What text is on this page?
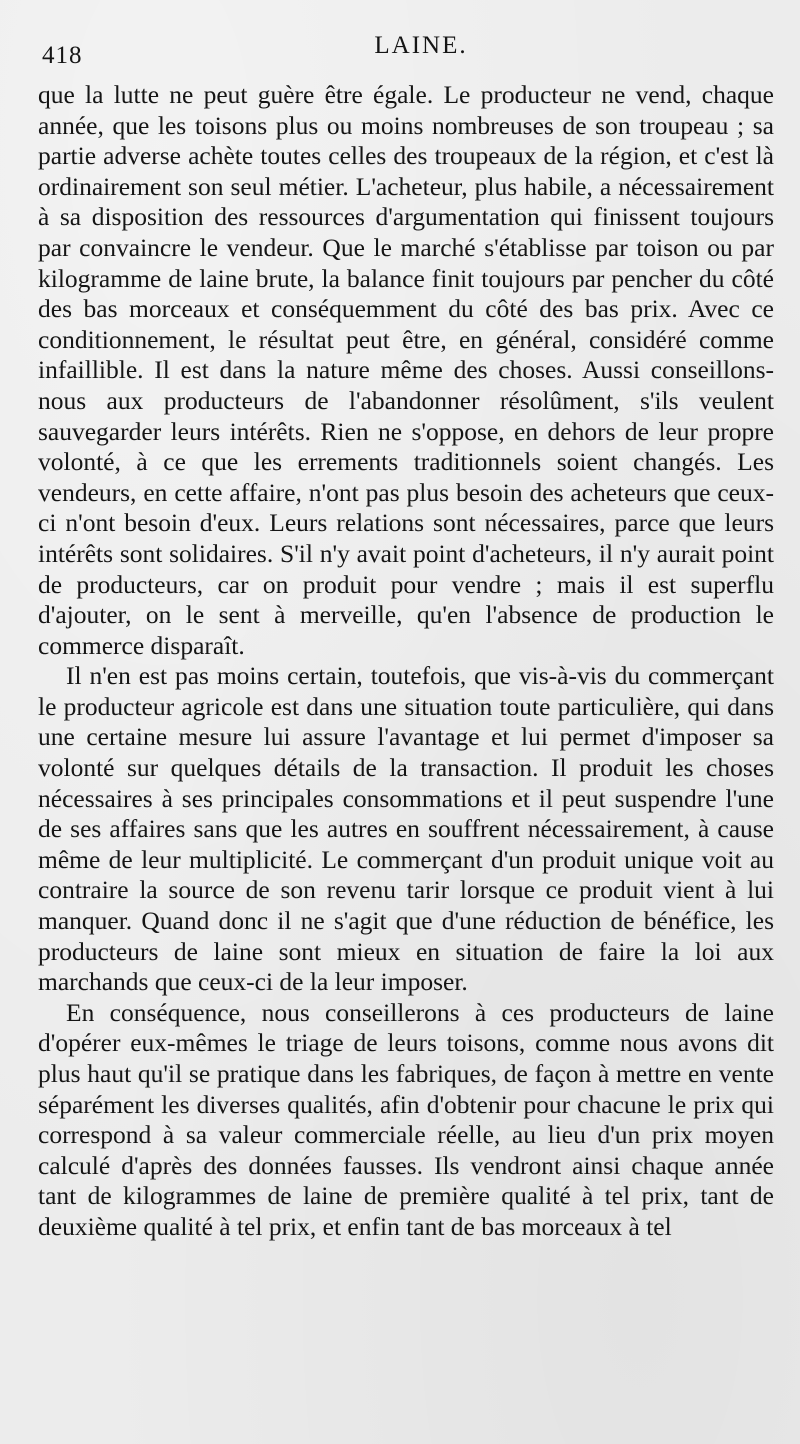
418	LAINE.

que la lutte ne peut guère être égale. Le producteur ne vend, chaque année, que les toisons plus ou moins nombreuses de son troupeau ; sa partie adverse achète toutes celles des troupeaux de la région, et c'est là ordinairement son seul métier. L'acheteur, plus habile, a nécessairement à sa disposition des ressources d'argumentation qui finissent toujours par convaincre le vendeur. Que le marché s'établisse par toison ou par kilogramme de laine brute, la balance finit toujours par pencher du côté des bas morceaux et conséquemment du côté des bas prix. Avec ce conditionnement, le résultat peut être, en général, considéré comme infaillible. Il est dans la nature même des choses. Aussi conseillons-nous aux producteurs de l'abandonner résolûment, s'ils veulent sauvegarder leurs intérêts. Rien ne s'oppose, en dehors de leur propre volonté, à ce que les errements traditionnels soient changés. Les vendeurs, en cette affaire, n'ont pas plus besoin des acheteurs que ceux-ci n'ont besoin d'eux. Leurs relations sont nécessaires, parce que leurs intérêts sont solidaires. S'il n'y avait point d'acheteurs, il n'y aurait point de producteurs, car on produit pour vendre ; mais il est superflu d'ajouter, on le sent à merveille, qu'en l'absence de production le commerce disparaît.

Il n'en est pas moins certain, toutefois, que vis-à-vis du commerçant le producteur agricole est dans une situation toute particulière, qui dans une certaine mesure lui assure l'avantage et lui permet d'imposer sa volonté sur quelques détails de la transaction. Il produit les choses nécessaires à ses principales consommations et il peut suspendre l'une de ses affaires sans que les autres en souffrent nécessairement, à cause même de leur multiplicité. Le commerçant d'un produit unique voit au contraire la source de son revenu tarir lorsque ce produit vient à lui manquer. Quand donc il ne s'agit que d'une réduction de bénéfice, les producteurs de laine sont mieux en situation de faire la loi aux marchands que ceux-ci de la leur imposer.

En conséquence, nous conseillerons à ces producteurs de laine d'opérer eux-mêmes le triage de leurs toisons, comme nous avons dit plus haut qu'il se pratique dans les fabriques, de façon à mettre en vente séparément les diverses qualités, afin d'obtenir pour chacune le prix qui correspond à sa valeur commerciale réelle, au lieu d'un prix moyen calculé d'après des données fausses. Ils vendront ainsi chaque année tant de kilogrammes de laine de première qualité à tel prix, tant de deuxième qualité à tel prix, et enfin tant de bas morceaux à tel
